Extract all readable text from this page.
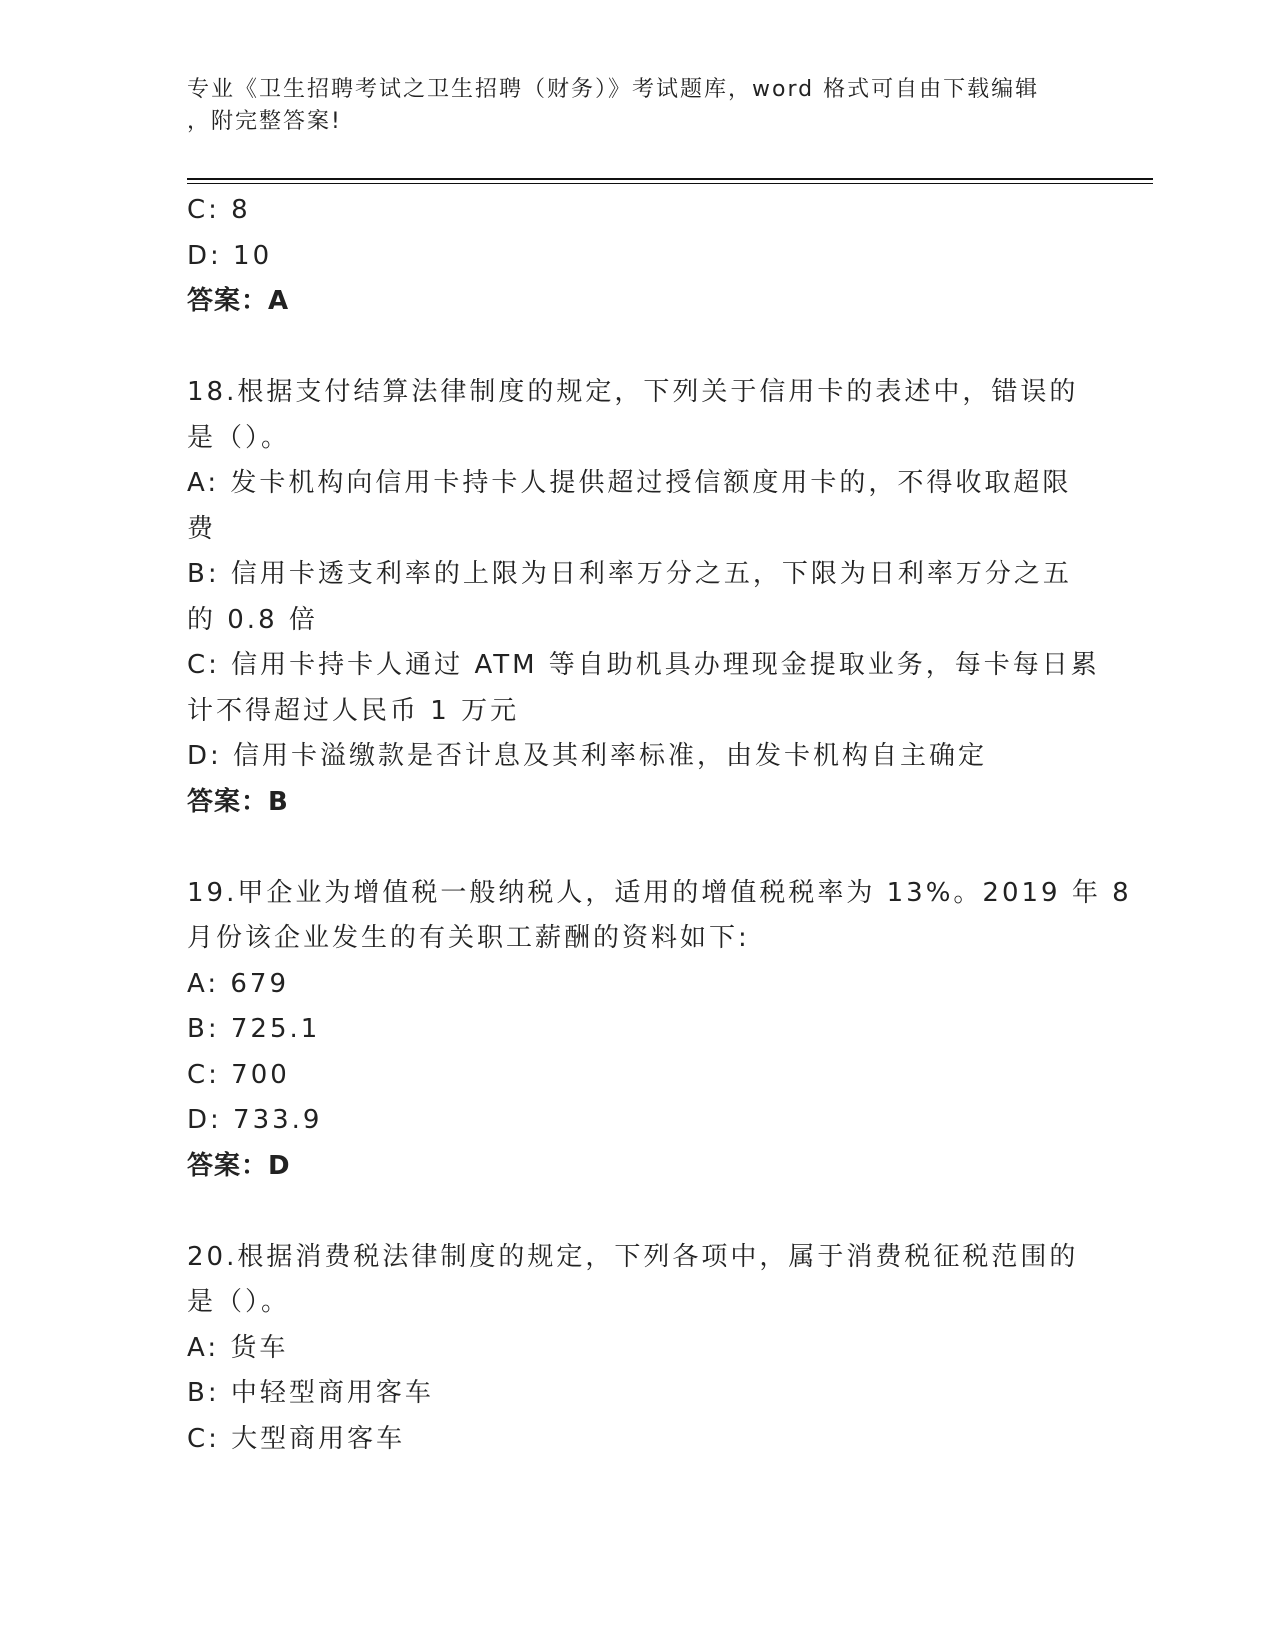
专业《卫生招聘考试之卫生招聘（财务）》考试题库，word 格式可自由下载编辑
，附完整答案!
C: 8
D: 10
答案：A
18.根据支付结算法律制度的规定，下列关于信用卡的表述中，错误的
是（）。
A: 发卡机构向信用卡持卡人提供超过授信额度用卡的，不得收取超限
费
B: 信用卡透支利率的上限为日利率万分之五，下限为日利率万分之五
的 0.8 倍
C: 信用卡持卡人通过 ATM 等自助机具办理现金提取业务，每卡每日累
计不得超过人民币 1 万元
D: 信用卡溢缴款是否计息及其利率标准，由发卡机构自主确定
答案：B
19.甲企业为增值税一般纳税人，适用的增值税税率为 13%。2019 年 8
月份该企业发生的有关职工薪酬的资料如下:
A: 679
B: 725.1
C: 700
D: 733.9
答案：D
20.根据消费税法律制度的规定，下列各项中，属于消费税征税范围的
是（）。
A: 货车
B: 中轻型商用客车
C: 大型商用客车
